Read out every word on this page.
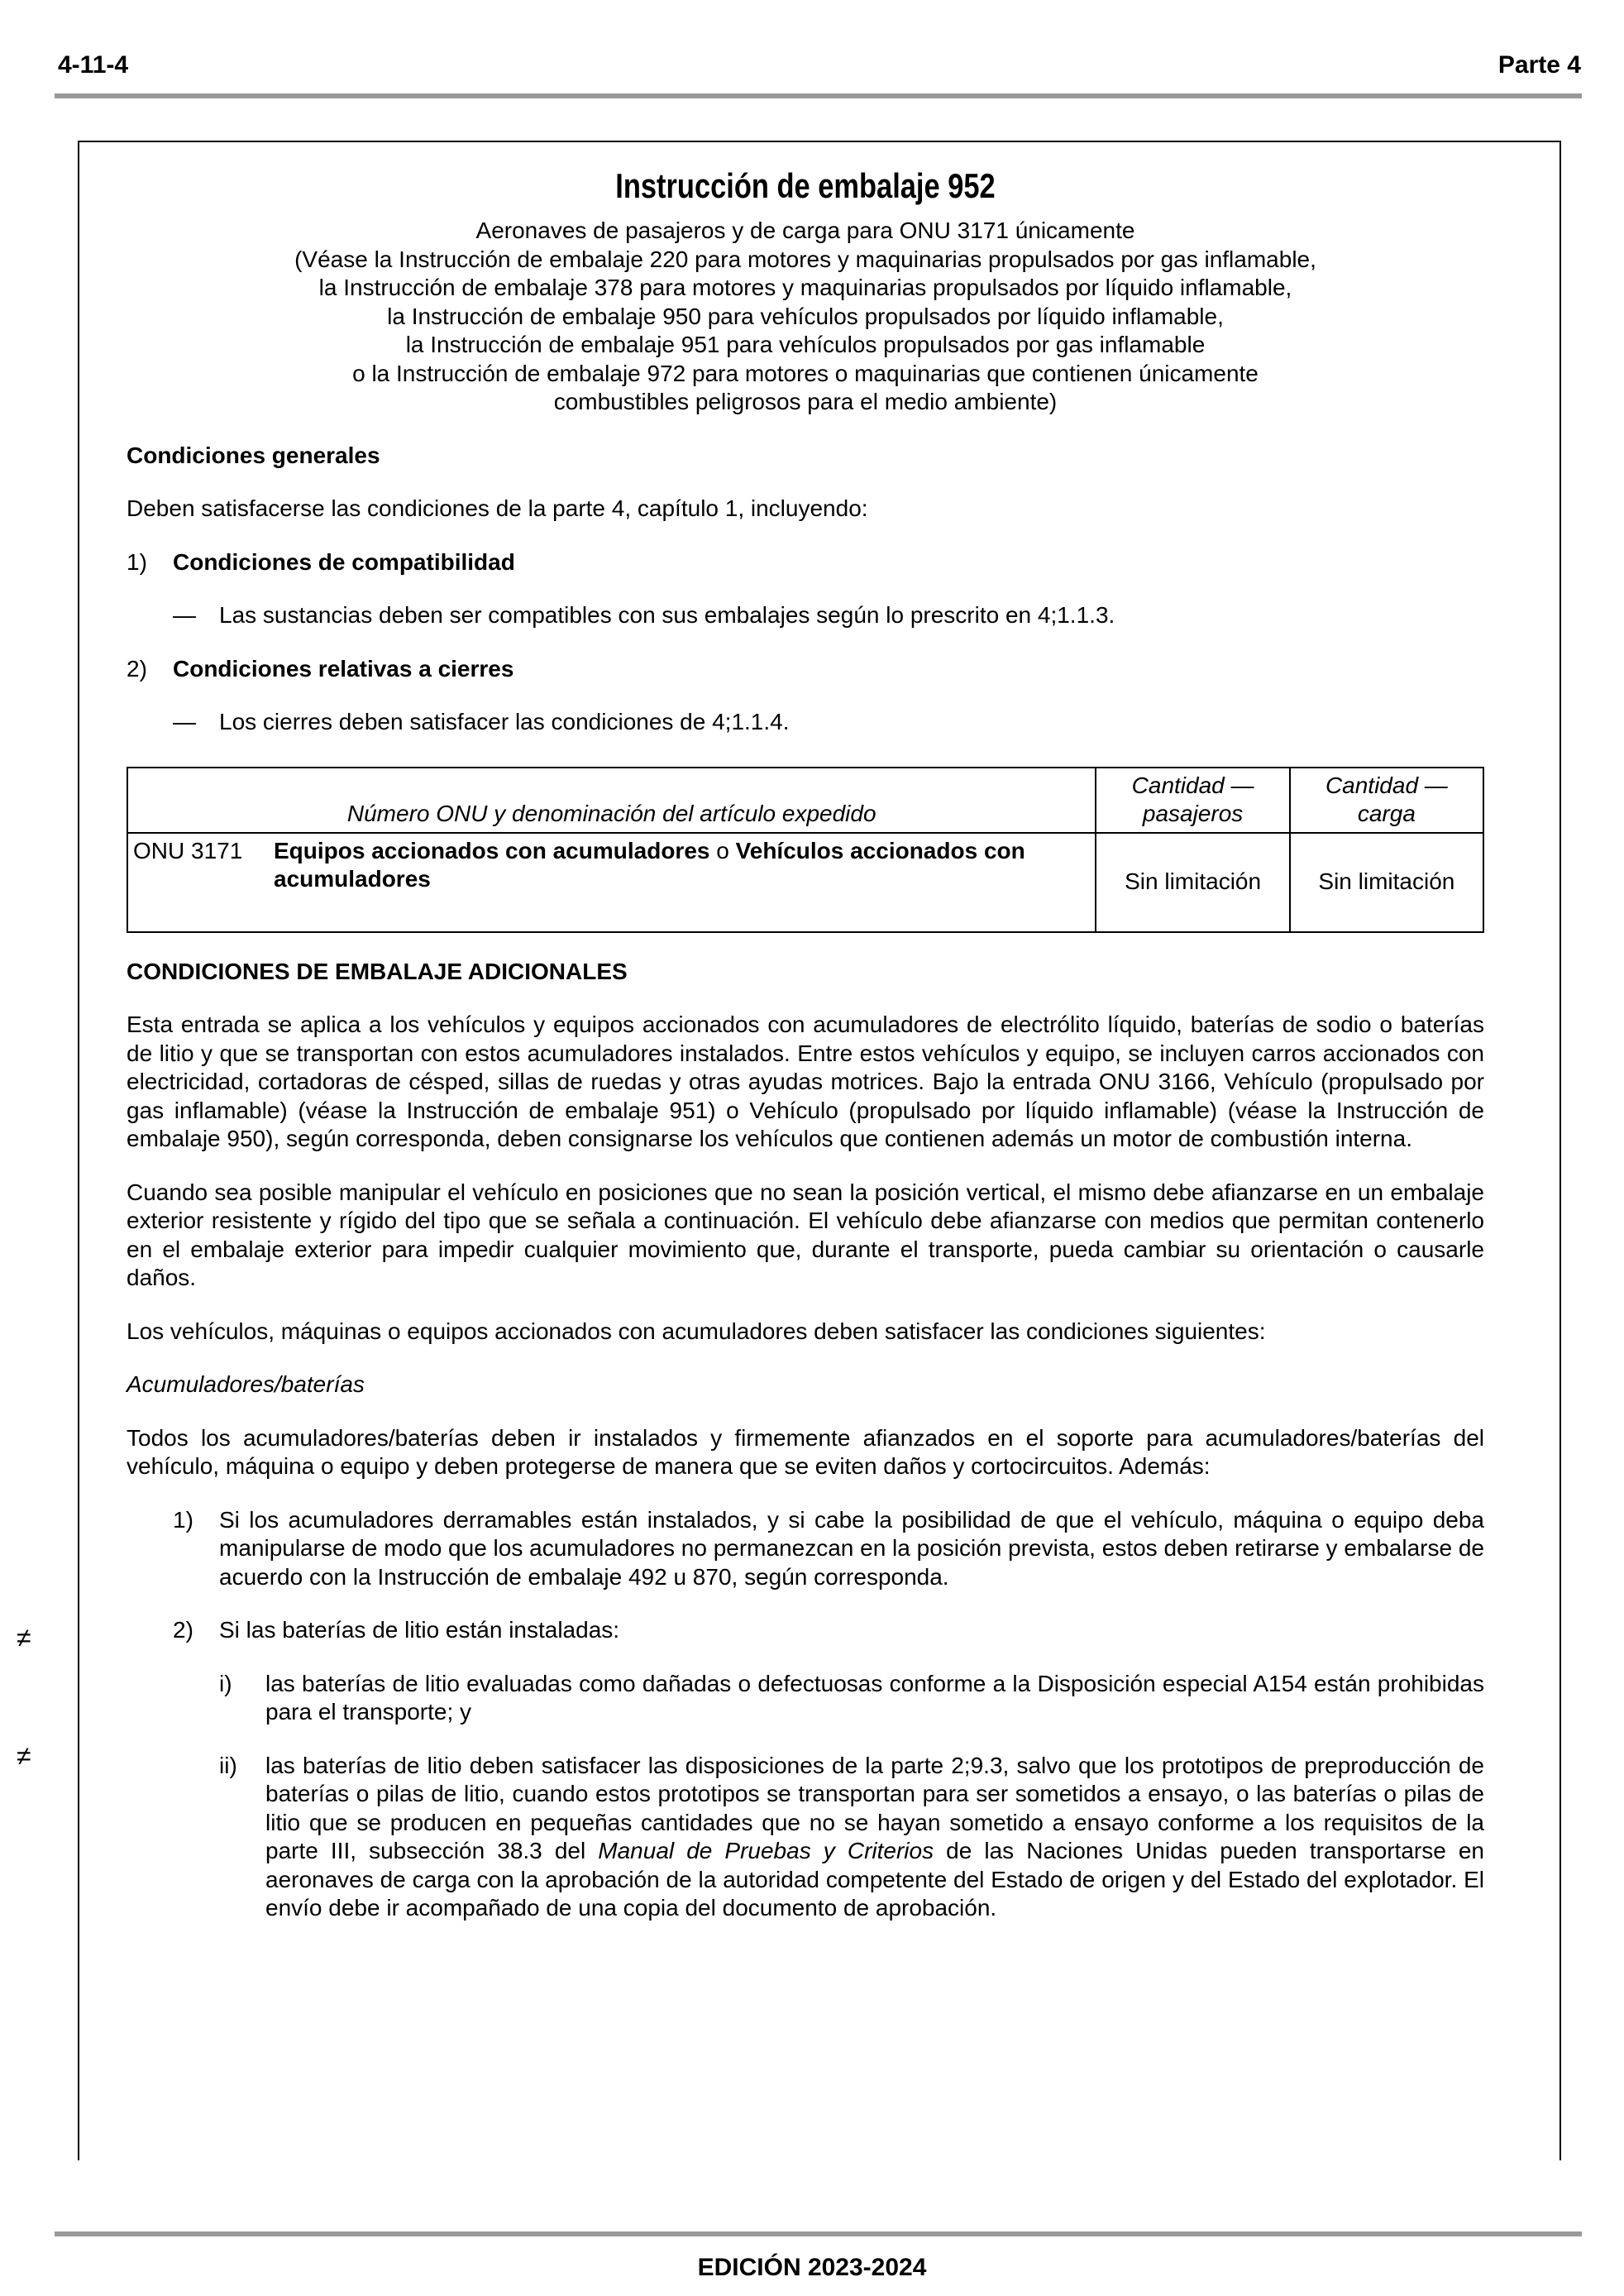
4-11-4	Parte 4
≠
≠

Instrucción de embalaje 952

Aeronaves de pasajeros y de carga para ONU 3171 únicamente

(Véase la Instrucción de embalaje 220 para motores y maquinarias propulsados por gas inflamable,

la Instrucción de embalaje 378 para motores y maquinarias propulsados por líquido inflamable,

la Instrucción de embalaje 950 para vehículos propulsados por líquido inflamable,

la Instrucción de embalaje 951 para vehículos propulsados por gas inflamable

o la Instrucción de embalaje 972 para motores o maquinarias que contienen únicamente

combustibles peligrosos para el medio ambiente)

Condiciones generales

Deben satisfacerse las condiciones de la parte 4, capítulo 1, incluyendo:

1)	Condiciones de compatibilidad
—	Las sustancias deben ser compatibles con sus embalajes según lo prescrito en 4;1.1.3.
2)	Condiciones relativas a cierres
—	Los cierres deben satisfacer las condiciones de 4;1.1.4.
Número ONU y denominación del artículo expedido	Cantidad — pasajeros	Cantidad — carga

ONU 3171 Equipos accionados con acumuladores o Vehículos accionados con acumuladores	Sin limitación	Sin limitación

CONDICIONES DE EMBALAJE ADICIONALES

Esta entrada se aplica a los vehículos y equipos accionados con acumuladores de electrólito líquido, baterías de sodio o baterías de litio y que se transportan con estos acumuladores instalados. Entre estos vehículos y equipo, se incluyen carros accionados con electricidad, cortadoras de césped, sillas de ruedas y otras ayudas motrices. Bajo la entrada ONU 3166, Vehículo (propulsado por gas inflamable) (véase la Instrucción de embalaje 951) o Vehículo (propulsado por líquido inflamable) (véase la Instrucción de embalaje 950), según corresponda, deben consignarse los vehículos que contienen además un motor de combustión interna.

Cuando sea posible manipular el vehículo en posiciones que no sean la posición vertical, el mismo debe afianzarse en un embalaje exterior resistente y rígido del tipo que se señala a continuación. El vehículo debe afianzarse con medios que permitan contenerlo en el embalaje exterior para impedir cualquier movimiento que, durante el transporte, pueda cambiar su orientación o causarle daños.

Los vehículos, máquinas o equipos accionados con acumuladores deben satisfacer las condiciones siguientes:

Acumuladores/baterías

Todos los acumuladores/baterías deben ir instalados y firmemente afianzados en el soporte para acumuladores/baterías del vehículo, máquina o equipo y deben protegerse de manera que se eviten daños y cortocircuitos. Además:

1)	Si los acumuladores derramables están instalados, y si cabe la posibilidad de que el vehículo, máquina o equipo deba manipularse de modo que los acumuladores no permanezcan en la posición prevista, estos deben retirarse y embalarse de acuerdo con la Instrucción de embalaje 492 u 870, según corresponda.
2)	Si las baterías de litio están instaladas:
i)	las baterías de litio evaluadas como dañadas o defectuosas conforme a la Disposición especial A154 están prohibidas para el transporte; y
ii)	las baterías de litio deben satisfacer las disposiciones de la parte 2;9.3, salvo que los prototipos de preproducción de baterías o pilas de litio, cuando estos prototipos se transportan para ser sometidos a ensayo, o las baterías o pilas de litio que se producen en pequeñas cantidades que no se hayan sometido a ensayo conforme a los requisitos de la parte III, subsección 38.3 del Manual de Pruebas y Criterios de las Naciones Unidas pueden transportarse en aeronaves de carga con la aprobación de la autoridad competente del Estado de origen y del Estado del explotador. El envío debe ir acompañado de una copia del documento de aprobación.
EDICIÓN 2023-2024
